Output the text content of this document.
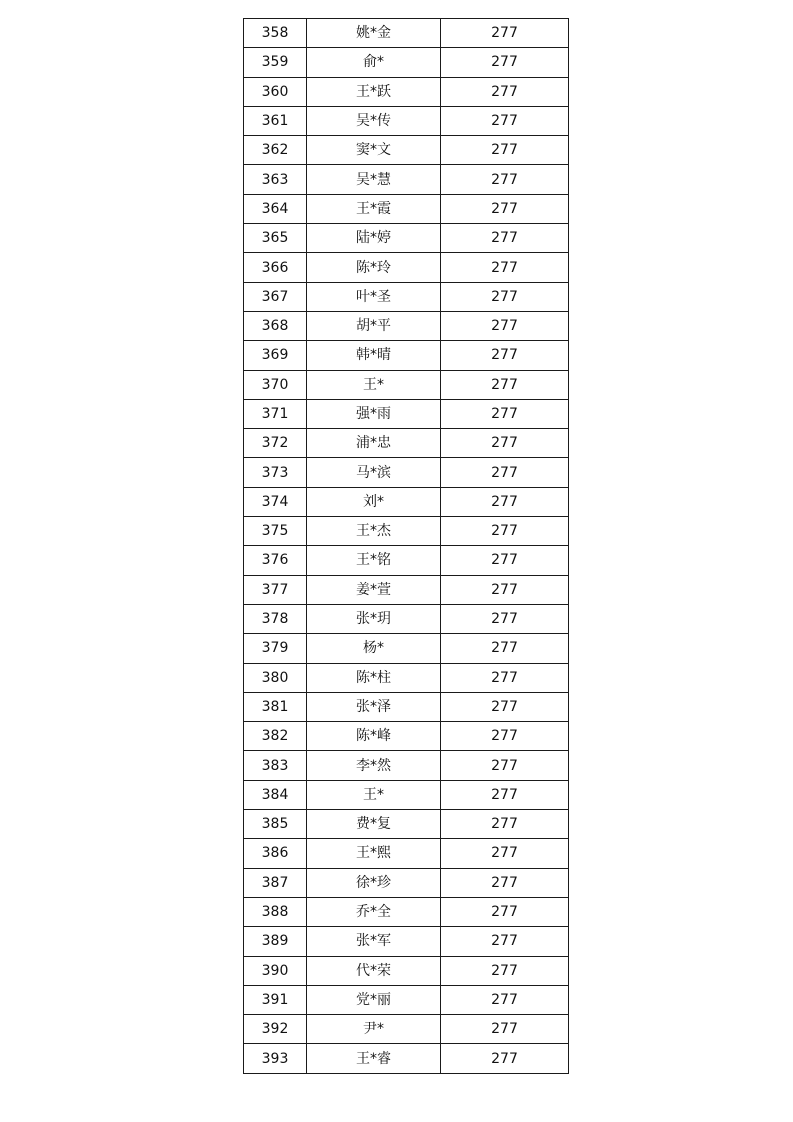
358	姚*金	277
359	俞*	277
360	王*跃	277
361	吴*传	277
362	窦*文	277
363	吴*慧	277
364	王*霞	277
365	陆*婷	277
366	陈*玲	277
367	叶*圣	277
368	胡*平	277
369	韩*晴	277
370	王*	277
371	强*雨	277
372	浦*忠	277
373	马*滨	277
374	刘*	277
375	王*杰	277
376	王*铭	277
377	姜*萱	277
378	张*玥	277
379	杨*	277
380	陈*柱	277
381	张*泽	277
382	陈*峰	277
383	李*然	277
384	王*	277
385	费*复	277
386	王*熙	277
387	徐*珍	277
388	乔*全	277
389	张*军	277
390	代*荣	277
391	党*丽	277
392	尹*	277
393	王*睿	277
